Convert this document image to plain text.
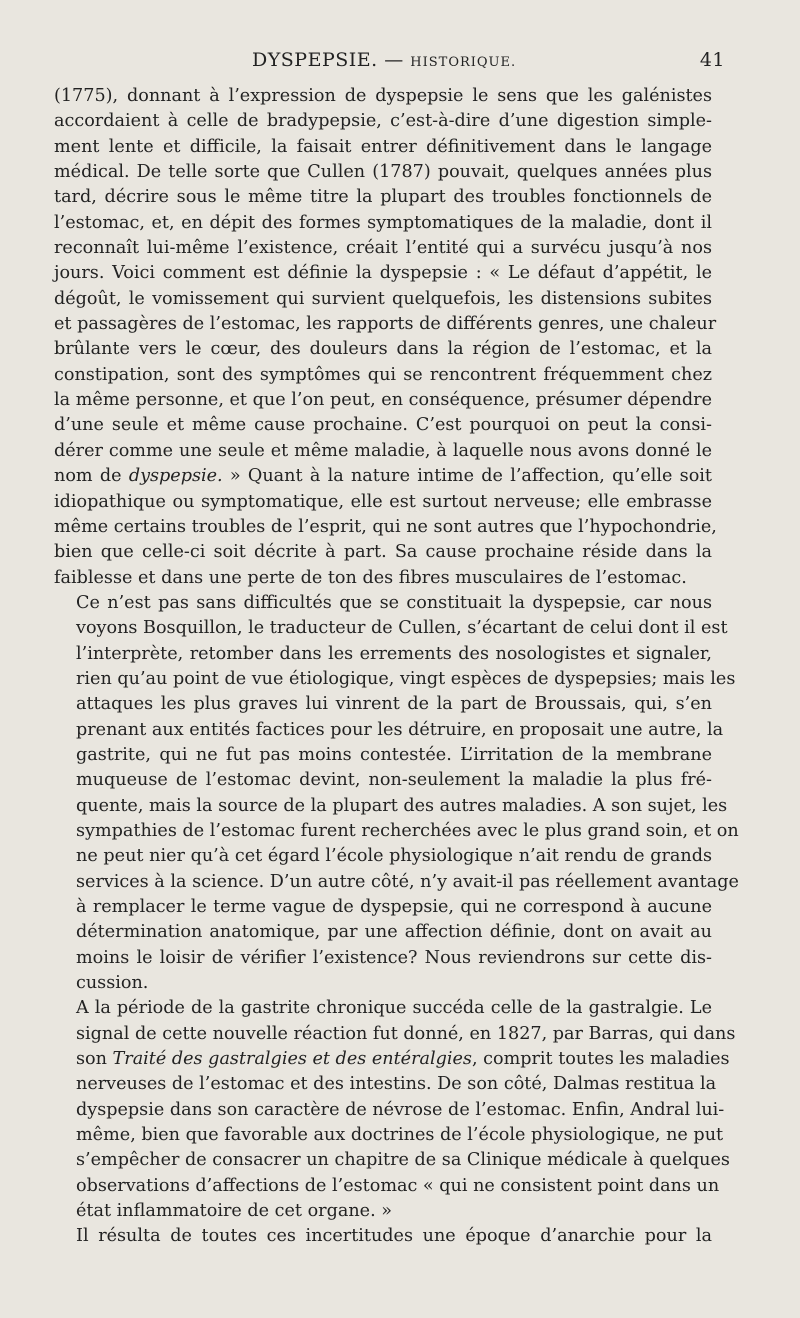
DYSPEPSIE. — HISTORIQUE.	41

(1775), donnant à l’expression de dyspepsie le sens que les galénistes
accordaient à celle de bradypepsie, c’est-à-dire d’une digestion simple-
ment lente et difficile, la faisait entrer définitivement dans le langage
médical. De telle sorte que Cullen (1787) pouvait, quelques années plus
tard, décrire sous le même titre la plupart des troubles fonctionnels de
l’estomac, et, en dépit des formes symptomatiques de la maladie, dont il
reconnaît lui-même l’existence, créait l’entité qui a survécu jusqu’à nos
jours. Voici comment est définie la dyspepsie : « Le défaut d’appétit, le
dégoût, le vomissement qui survient quelquefois, les distensions subites
et passagères de l’estomac, les rapports de différents genres, une chaleur
brûlante vers le cœur, des douleurs dans la région de l’estomac, et la
constipation, sont des symptômes qui se rencontrent fréquemment chez
la même personne, et que l’on peut, en conséquence, présumer dépendre
d’une seule et même cause prochaine. C’est pourquoi on peut la consi-
dérer comme une seule et même maladie, à laquelle nous avons donné le
nom de dyspepsie. » Quant à la nature intime de l’affection, qu’elle soit
idiopathique ou symptomatique, elle est surtout nerveuse; elle embrasse
même certains troubles de l’esprit, qui ne sont autres que l’hypochondrie,
bien que celle-ci soit décrite à part. Sa cause prochaine réside dans la
faiblesse et dans une perte de ton des fibres musculaires de l’estomac.

Ce n’est pas sans difficultés que se constituait la dyspepsie, car nous
voyons Bosquillon, le traducteur de Cullen, s’écartant de celui dont il est
l’interprète, retomber dans les errements des nosologistes et signaler,
rien qu’au point de vue étiologique, vingt espèces de dyspepsies; mais les
attaques les plus graves lui vinrent de la part de Broussais, qui, s’en
prenant aux entités factices pour les détruire, en proposait une autre, la
gastrite, qui ne fut pas moins contestée. L’irritation de la membrane
muqueuse de l’estomac devint, non-seulement la maladie la plus fré-
quente, mais la source de la plupart des autres maladies. A son sujet, les
sympathies de l’estomac furent recherchées avec le plus grand soin, et on
ne peut nier qu’à cet égard l’école physiologique n’ait rendu de grands
services à la science. D’un autre côté, n’y avait-il pas réellement avantage
à remplacer le terme vague de dyspepsie, qui ne correspond à aucune
détermination anatomique, par une affection définie, dont on avait au
moins le loisir de vérifier l’existence? Nous reviendrons sur cette dis-
cussion.

A la période de la gastrite chronique succéda celle de la gastralgie. Le
signal de cette nouvelle réaction fut donné, en 1827, par Barras, qui dans
son Traité des gastralgies et des entéralgies, comprit toutes les maladies
nerveuses de l’estomac et des intestins. De son côté, Dalmas restitua la
dyspepsie dans son caractère de névrose de l’estomac. Enfin, Andral lui-
même, bien que favorable aux doctrines de l’école physiologique, ne put
s’empêcher de consacrer un chapitre de sa Clinique médicale à quelques
observations d’affections de l’estomac « qui ne consistent point dans un
état inflammatoire de cet organe. »

Il résulta de toutes ces incertitudes une époque d’anarchie pour la
